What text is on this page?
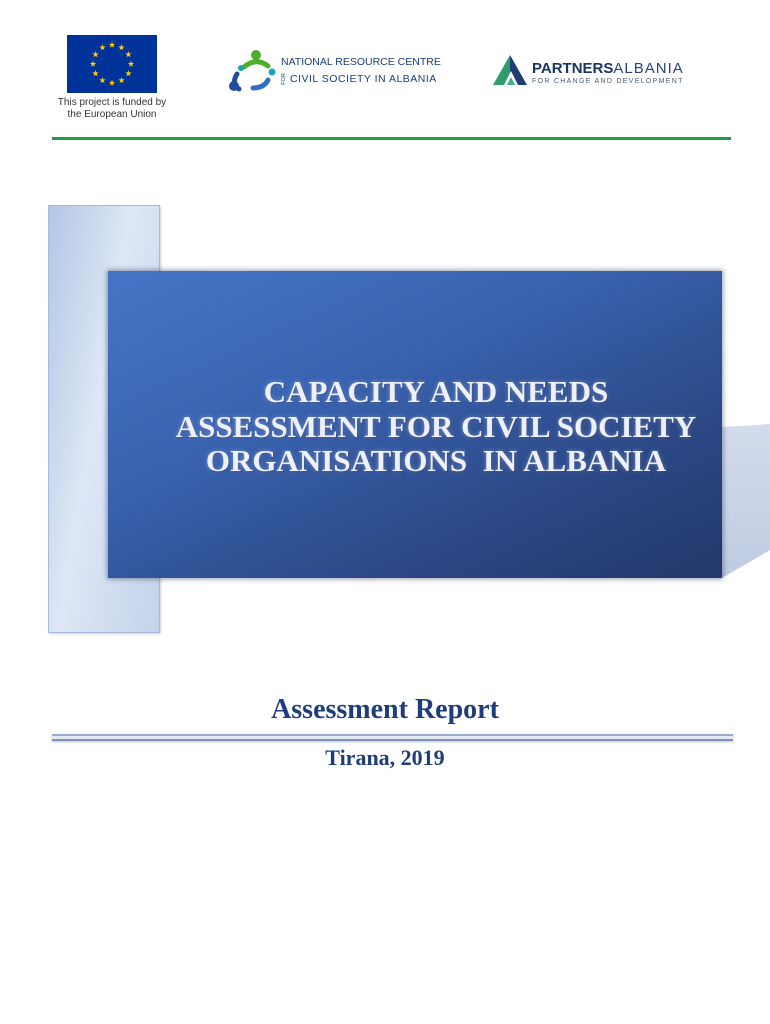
This project is funded by
the European Union
NATIONAL RESOURCE CENTRE
FOR CIVIL SOCIETY IN ALBANIA
PARTNERSALBANIA
FOR CHANGE AND DEVELOPMENT
CAPACITY AND NEEDS
ASSESSMENT FOR CIVIL SOCIETY
ORGANISATIONS  IN ALBANIA
Assessment Report
Tirana, 2019
